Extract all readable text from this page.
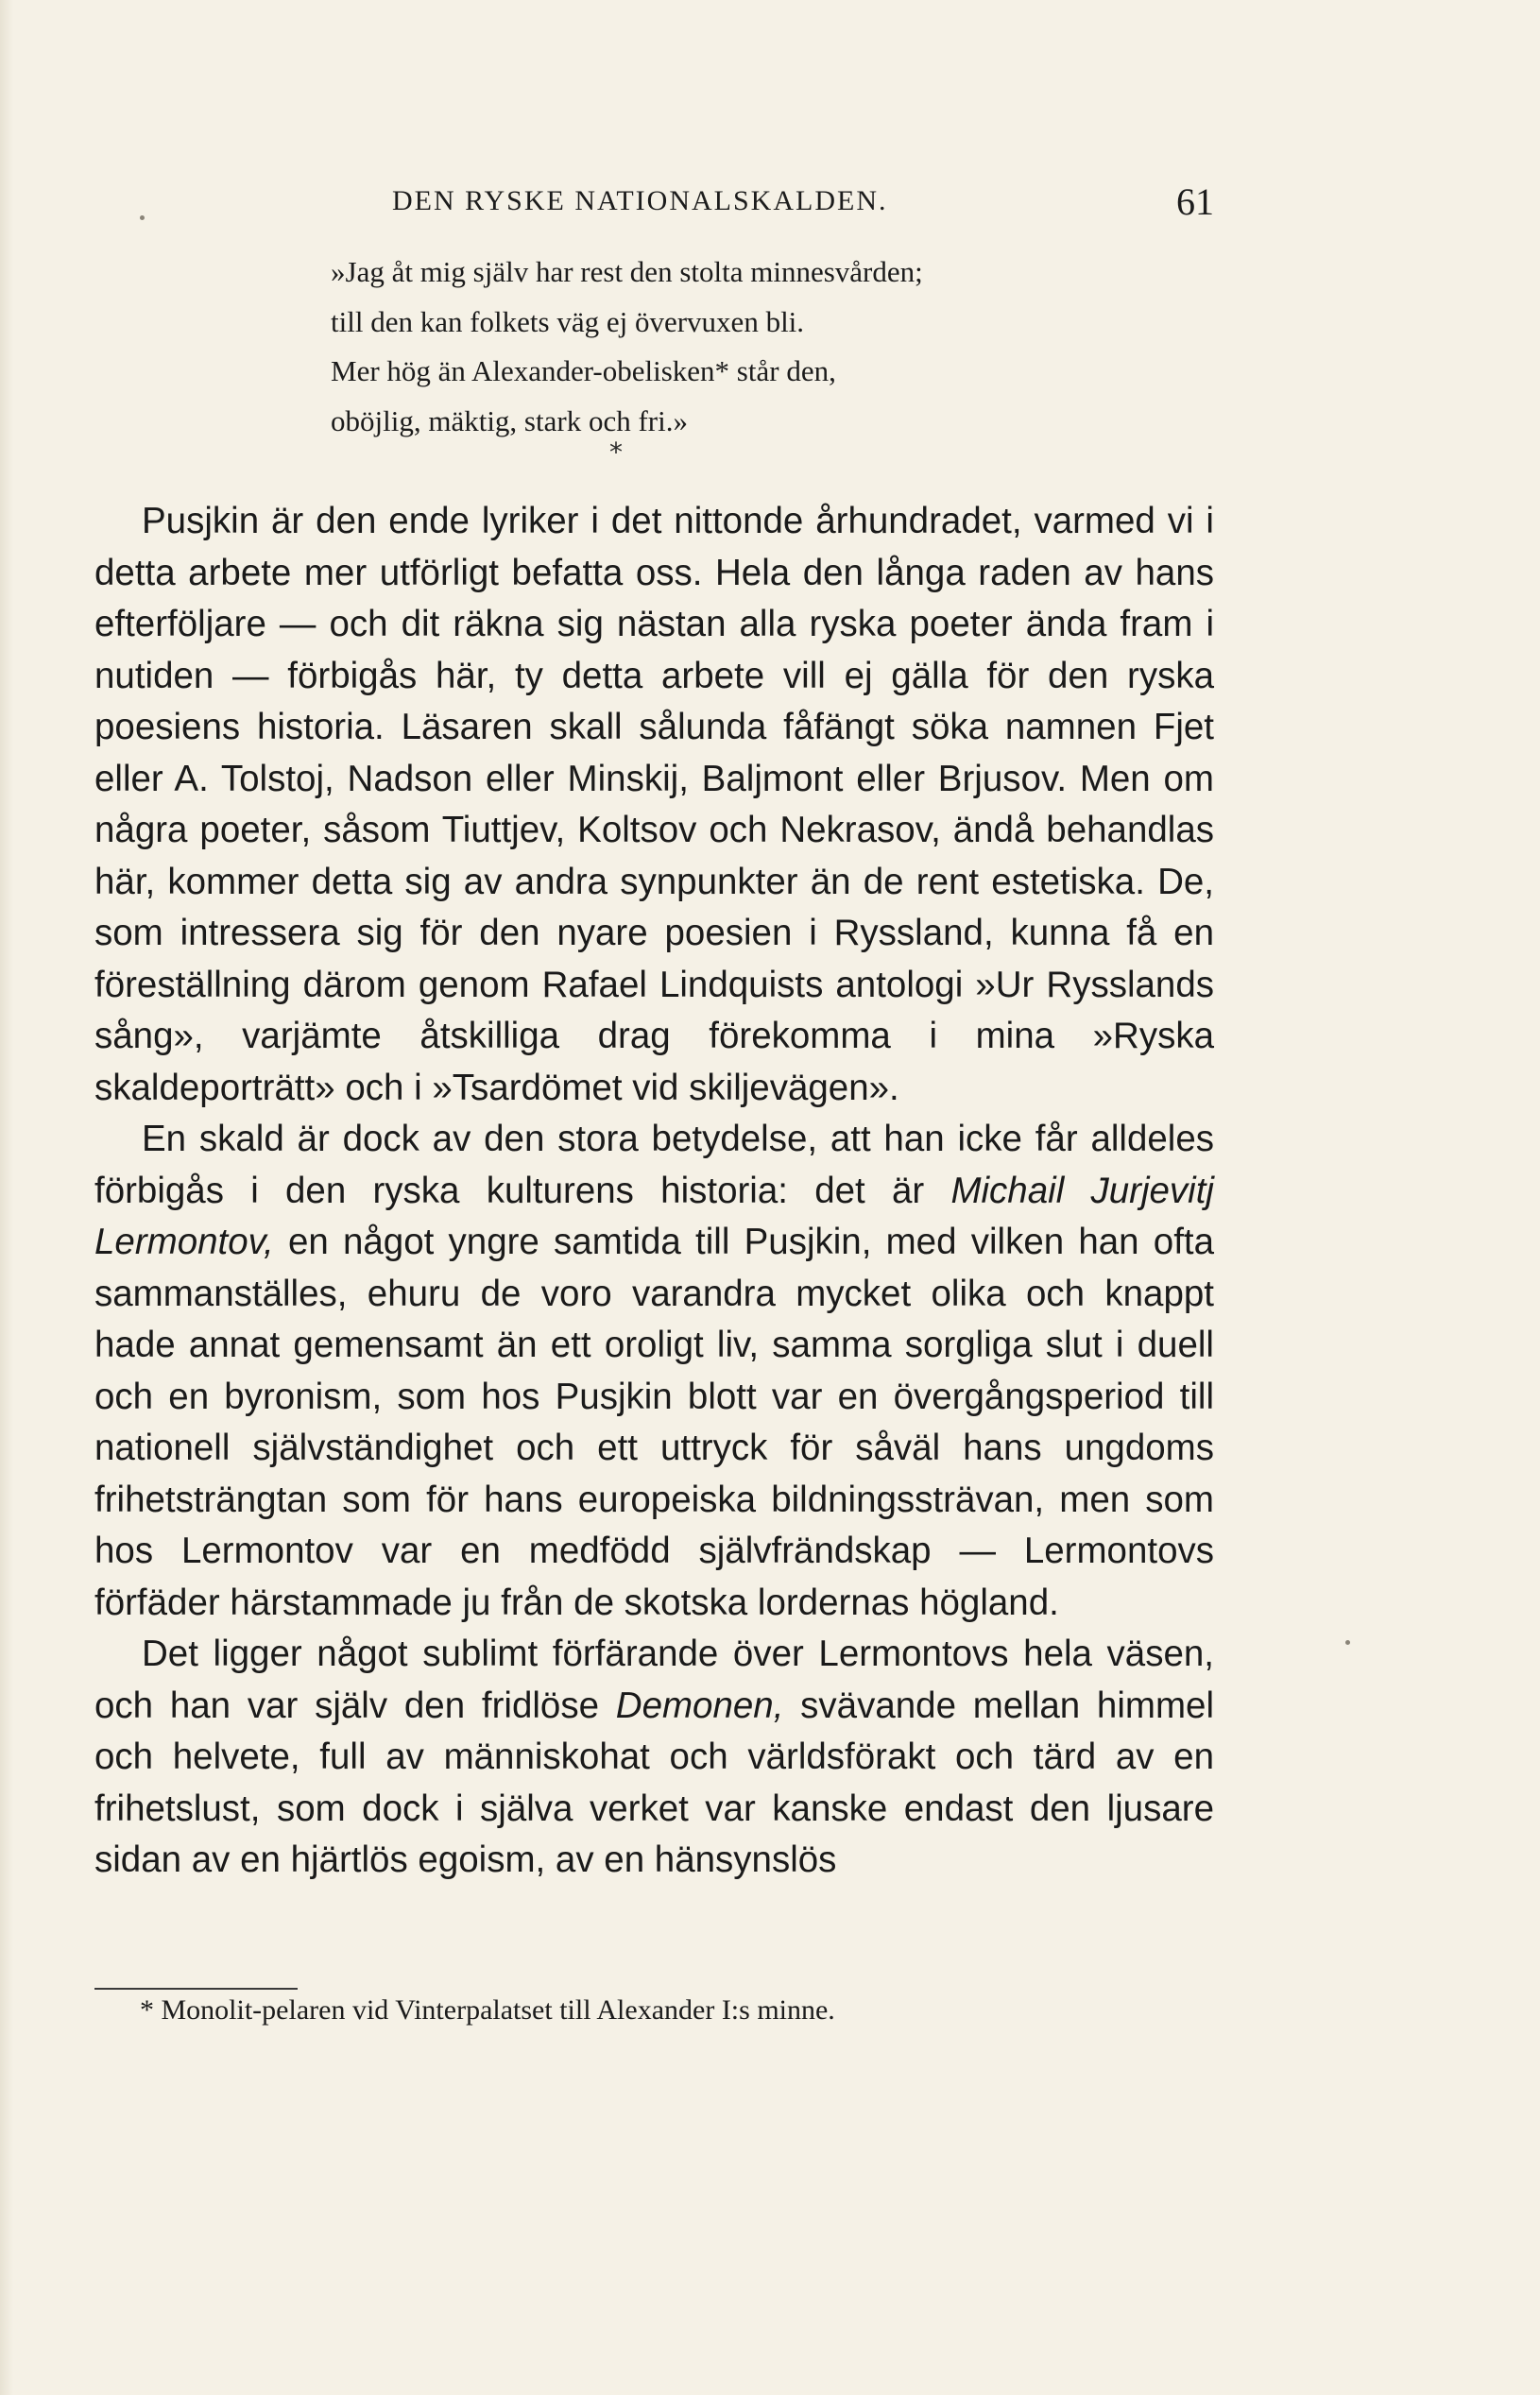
DEN RYSKE NATIONALSKALDEN.	61
»Jag åt mig själv har rest den stolta minnesvården;
till den kan folkets väg ej övervuxen bli.
Mer hög än Alexander-obelisken* står den,
oböjlig, mäktig, stark och fri.»
*

Pusjkin är den ende lyriker i det nittonde århundradet, varmed vi i detta arbete mer utförligt befatta oss. Hela den långa raden av hans efterföljare — och dit räkna sig nästan alla ryska poeter ända fram i nutiden — förbigås här, ty detta arbete vill ej gälla för den ryska poesiens historia. Läsaren skall sålunda fåfängt söka namnen Fjet eller A. Tolstoj, Nadson eller Minskij, Baljmont eller Brjusov. Men om några poeter, såsom Tiuttjev, Koltsov och Nekrasov, ändå behandlas här, kommer detta sig av andra synpunkter än de rent estetiska. De, som intressera sig för den nyare poesien i Ryssland, kunna få en föreställning därom genom Rafael Lindquists antologi »Ur Rysslands sång», varjämte åtskilliga drag förekomma i mina »Ryska skaldeporträtt» och i »Tsardömet vid skiljevägen».

En skald är dock av den stora betydelse, att han icke får alldeles förbigås i den ryska kulturens historia: det är Michail Jurjevitj Lermontov, en något yngre samtida till Pusjkin, med vilken han ofta sammanställes, ehuru de voro varandra mycket olika och knappt hade annat gemensamt än ett oroligt liv, samma sorgliga slut i duell och en byronism, som hos Pusjkin blott var en övergångsperiod till nationell självständighet och ett uttryck för såväl hans ungdoms frihetsträngtan som för hans europeiska bildningssträvan, men som hos Lermontov var en medfödd självfrändskap — Lermontovs förfäder härstammade ju från de skotska lordernas högland.

Det ligger något sublimt förfärande över Lermontovs hela väsen, och han var själv den fridlöse Demonen, svävande mellan himmel och helvete, full av människohat och världsförakt och tärd av en frihetslust, som dock i själva verket var kanske endast den ljusare sidan av en hjärtlös egoism, av en hänsynslös

* Monolit-pelaren vid Vinterpalatset till Alexander I:s minne.
